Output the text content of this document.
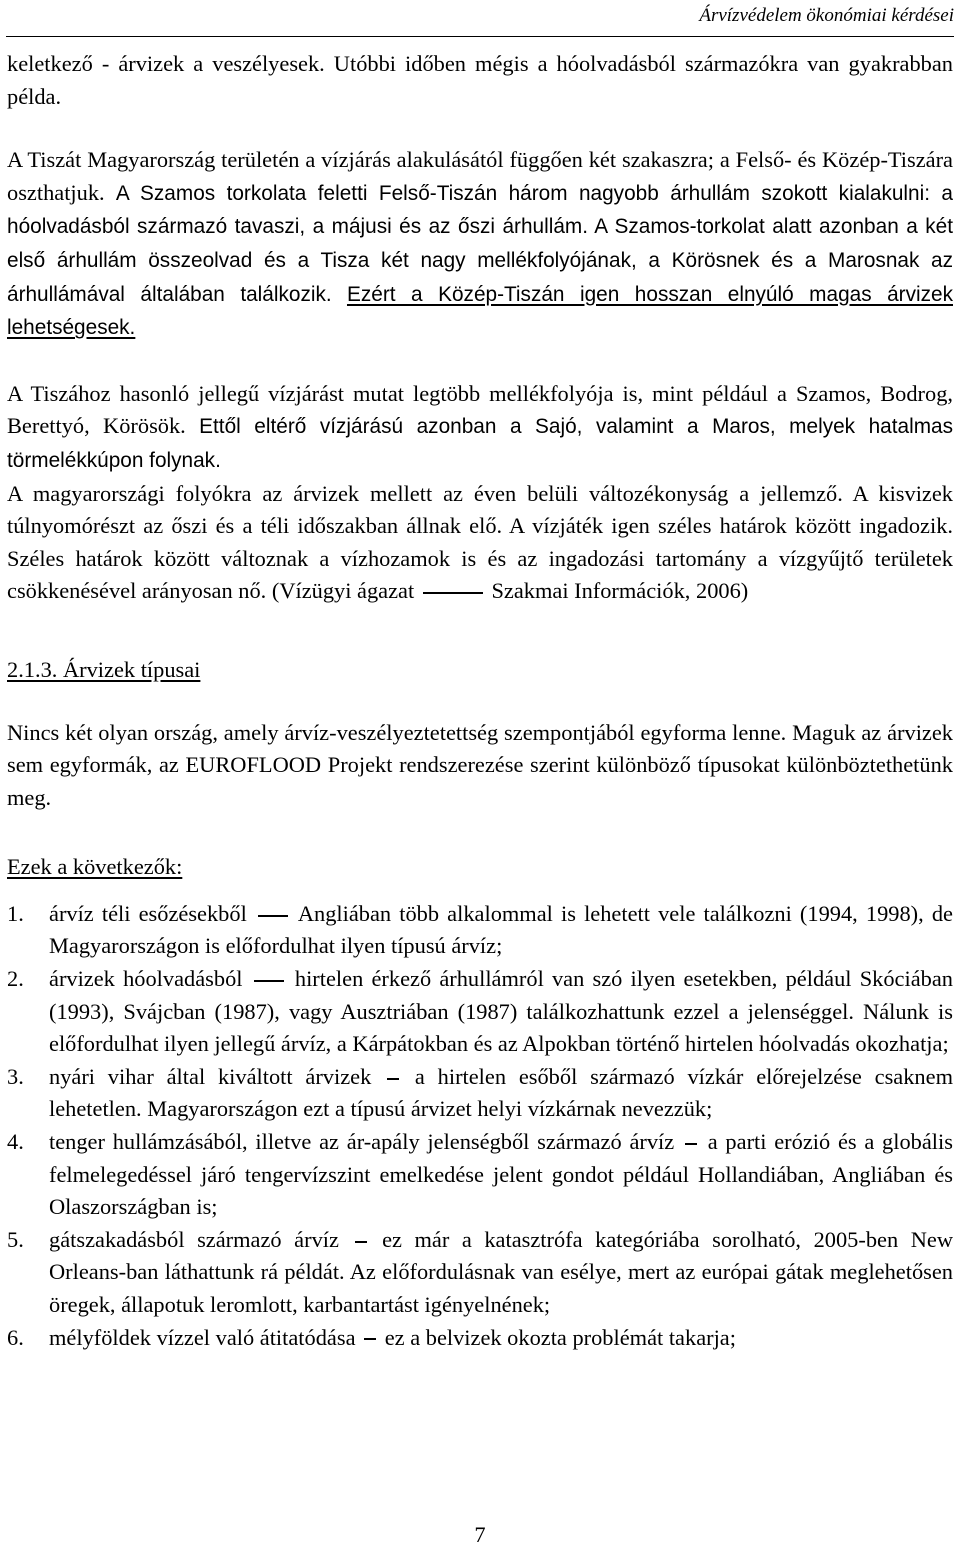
Árvízvédelem ökonómiai kérdései

keletkező - árvizek a veszélyesek. Utóbbi időben mégis a hóolvadásból származókra van gyakrabban példa.

A Tiszát Magyarország területén a vízjárás alakulásától függően két szakaszra; a Felső- és Közép-Tiszára oszthatjuk. A Szamos torkolata feletti Felső-Tiszán három nagyobb árhullám szokott kialakulni: a hóolvadásból származó tavaszi, a májusi és az őszi árhullám. A Szamos-torkolat alatt azonban a két első árhullám összeolvad és a Tisza két nagy mellékfolyójának, a Körösnek és a Marosnak az árhullámával általában találkozik. Ezért a Közép-Tiszán igen hosszan elnyúló magas árvizek lehetségesek.

A Tiszához hasonló jellegű vízjárást mutat legtöbb mellékfolyója is, mint például a Szamos, Bodrog, Berettyó, Körösök. Ettől eltérő vízjárású azonban a Sajó, valamint a Maros, melyek hatalmas törmelékkúpon folynak.

A magyarországi folyókra az árvizek mellett az éven belüli változékonyság a jellemző. A kisvizek túlnyomórészt az őszi és a téli időszakban állnak elő. A vízjáték igen széles határok között ingadozik. Széles határok között változnak a vízhozamok is és az ingadozási tartomány a vízgyűjtő területek csökkenésével arányosan nő. (Vízügyi ágazat	Szakmai Információk, 2006)

2.1.3. Árvizek típusai

Nincs két olyan ország, amely árvíz-veszélyeztetettség szempontjából egyforma lenne. Maguk az árvizek sem egyformák, az EUROFLOOD Projekt rendszerezése szerint különböző típusokat különböztethetünk meg.

Ezek a következők:

1.	árvíz téli esőzésekből Angliában több alkalommal is lehetett vele találkozni (1994, 1998), de Magyarországon is előfordulhat ilyen típusú árvíz;
2.	árvizek hóolvadásból hirtelen érkező árhullámról van szó ilyen esetekben, például Skóciában (1993), Svájcban (1987), vagy Ausztriában (1987) találkozhattunk ezzel a jelenséggel. Nálunk is előfordulhat ilyen jellegű árvíz, a Kárpátokban és az Alpokban történő hirtelen hóolvadás okozhatja;
3.	nyári vihar által kiváltott árvizek a hirtelen esőből származó vízkár előrejelzése csaknem lehetetlen. Magyarországon ezt a típusú árvizet helyi vízkárnak nevezzük;
4.	tenger hullámzásából, illetve az ár-apály jelenségből származó árvíz a parti erózió és a globális felmelegedéssel járó tengervízszint emelkedése jelent gondot például Hollandiában, Angliában és Olaszországban is;
5.	gátszakadásból származó árvíz ez már a katasztrófa kategóriába sorolható, 2005-ben New Orleans-ban láthattunk rá példát. Az előfordulásnak van esélye, mert az európai gátak meglehetősen öregek, állapotuk leromlott, karbantartást igényelnének;
6.	mélyföldek vízzel való átitatódása ez a belvizek okozta problémát takarja;
7
